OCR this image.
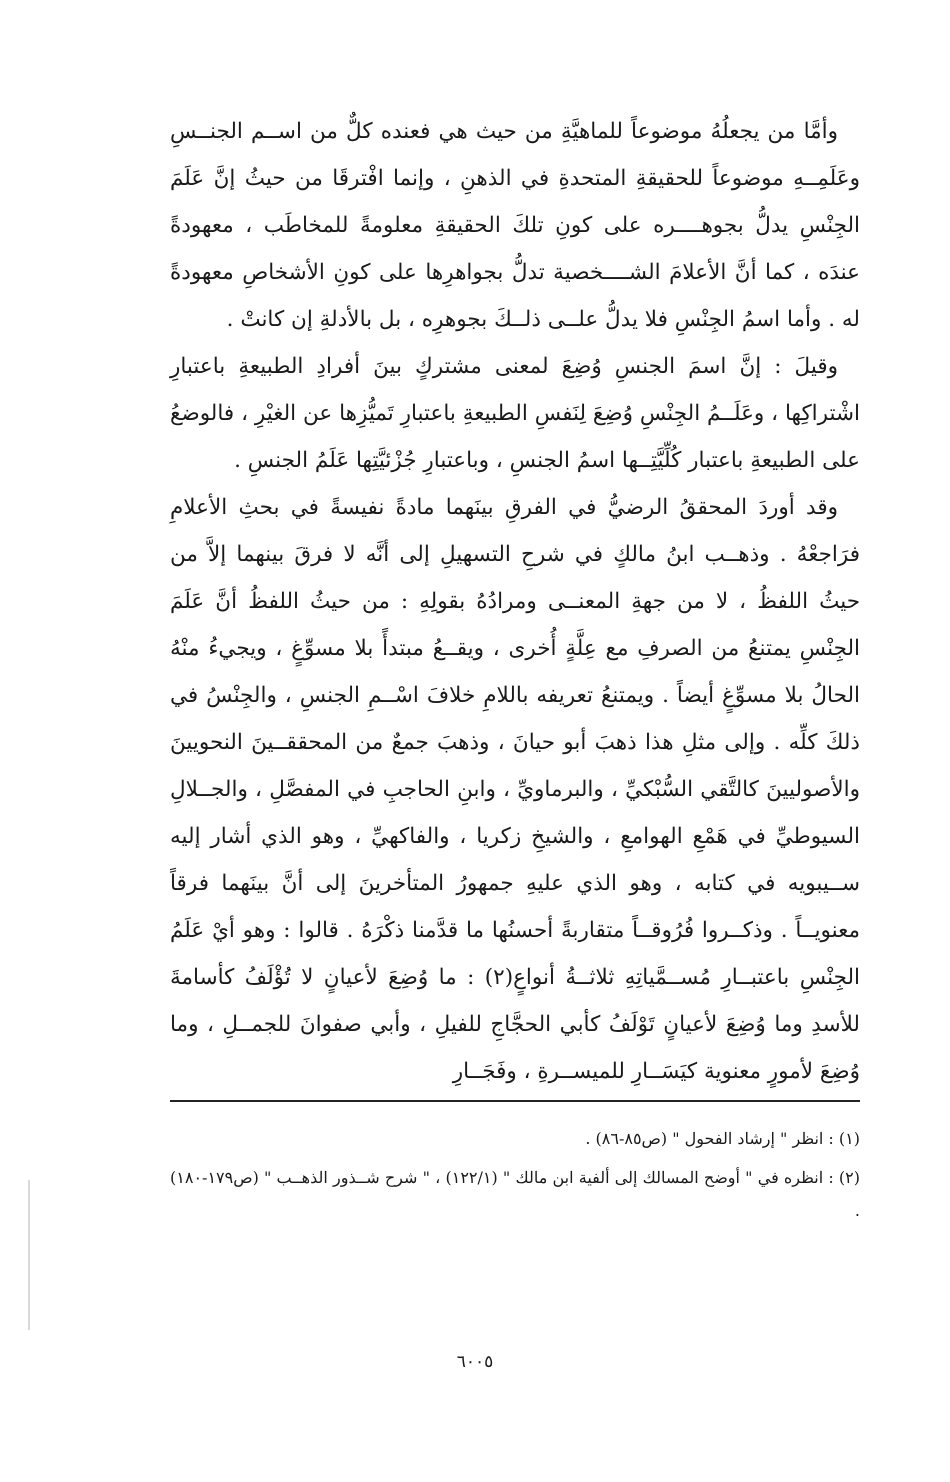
وأمَّا من يجعلُهُ موضوعاً للماهيَّةِ من حيث هي فعنده كلٌّ من اســم الجنــسِ وعَلَمِــهِ موضوعاً للحقيقةِ المتحدةِ في الذهنِ ، وإنما افْترقَا من حيثُ إنَّ عَلَمَ الجِنْسِ يدلُّ بجوهــــره على كونِ تلكَ الحقيقةِ معلومةً للمخاطَب ، معهودةً عندَه ، كما أنَّ الأعلامَ الشــــخصية تدلُّ بجواهرِها على كونِ الأشخاصِ معهودةً له . وأما اسمُ الجِنْسِ فلا يدلُّ علــى ذلــكَ بجوهرِه ، بل بالأدلةِ إن كانتْ .

وقيلَ : إنَّ اسمَ الجنسِ وُضِعَ لمعنى مشتركٍ بينَ أفرادِ الطبيعةِ باعتبارِ اشْتراكِها ، وعَلَــمُ الجِنْسِ وُضِعَ لِنَفسِ الطبيعةِ باعتبارِ تَميُّزِها عن الغيْرِ ، فالوضعُ على الطبيعةِ باعتبار كُلِّيَّتِــها اسمُ الجنسِ ، وباعتبارِ جُزْئيَّتِها عَلَمُ الجنسِ .

وقد أوردَ المحققُ الرضيُّ في الفرقِ بينَهما مادةً نفيسةً في بحثِ الأعلامِ فرَاجعْهُ . وذهــب ابنُ مالكٍ في شرحِ التسهيلِ إلى أنَّه لا فرقَ بينهما إلاَّ من حيثُ اللفظُ ، لا من جهةِ المعنــى ومرادُهُ بقولِهِ : من حيثُ اللفظُ أنَّ عَلَمَ الجِنْسِ يمتنعُ من الصرفِ مع عِلَّةٍ أُخرى ، ويقــعُ مبتدأً بلا مسوِّغٍ ، ويجيءُ منْهُ الحالُ بلا مسوِّغٍ أيضاً . ويمتنعُ تعريفه باللامِ خلافَ اسْــمِ الجنسِ ، والجِنْسُ في ذلكَ كلِّه . وإلى مثلِ هذا ذهبَ أبو حيانَ ، وذهبَ جمعٌ من المحققــينَ النحويينَ والأصوليينَ كالتَّقي السُّبْكيِّ ، والبرماويِّ ، وابنِ الحاجبِ في المفصَّلِ ، والجــلالِ السيوطيِّ في هَمْعِ الهوامعِ ، والشيخِ زكريا ، والفاكهيِّ ، وهو الذي أشار إليه ســيبويه في كتابه ، وهو الذي عليهِ جمهورُ المتأخرينَ إلى أنَّ بينَهما فرقاً معنويــاً . وذكــروا فُرُوقــاً متقاربةً أحسنُها ما قدَّمنا ذكْرَهُ . قالوا : وهو أيْ عَلَمُ الجِنْسِ باعتبــارِ مُســمَّياتِهِ ثلاثــةُ أنواعٍ(٢) : ما وُضِعَ لأعيانٍ لا تُؤْلَفُ كأسامةَ للأسدِ وما وُضِعَ لأعيانٍ تَوْلَفُ كأبي الحجَّاجِ للفيلِ ، وأبي صفوانَ للجمــلِ ، وما وُضِعَ لأمورٍ معنوية كيَسَــارِ للميســرةِ ، وفَجَــارِ

(١) : انظر " إرشاد الفحول " (ص٨٥-٨٦) .

(٢) : انظره في " أوضح المسالك إلى ألفية ابن مالك " (١٢٢/١) ، " شرح شــذور الذهــب " (ص١٧٩-١٨٠) .

٦٠٠٥
